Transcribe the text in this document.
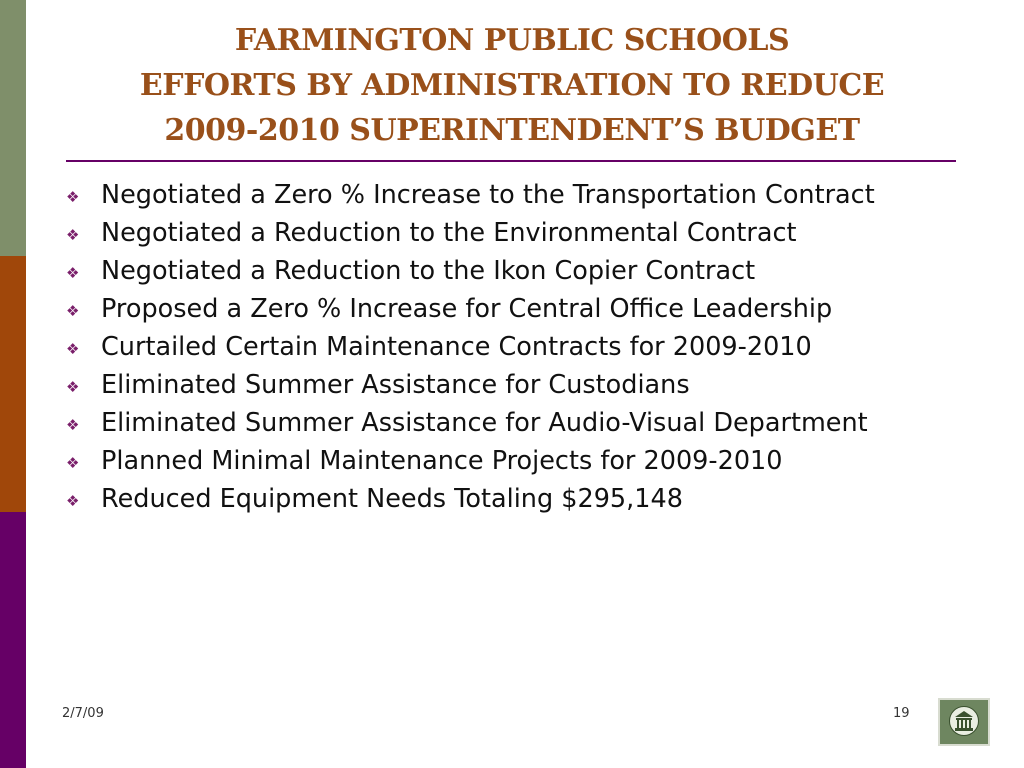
FARMINGTON PUBLIC SCHOOLS
EFFORTS BY ADMINISTRATION TO REDUCE
2009-2010 SUPERINTENDENT’S BUDGET
❖ Negotiated a Zero % Increase to the Transportation Contract
❖ Negotiated a Reduction to the Environmental Contract
❖ Negotiated a Reduction to the Ikon Copier Contract
❖ Proposed a Zero % Increase for Central Office Leadership
❖ Curtailed Certain Maintenance Contracts for 2009-2010
❖ Eliminated Summer Assistance for Custodians
❖ Eliminated Summer Assistance for Audio-Visual Department
❖ Planned Minimal Maintenance Projects for 2009-2010
❖ Reduced Equipment Needs Totaling $295,148
2/7/09	19
